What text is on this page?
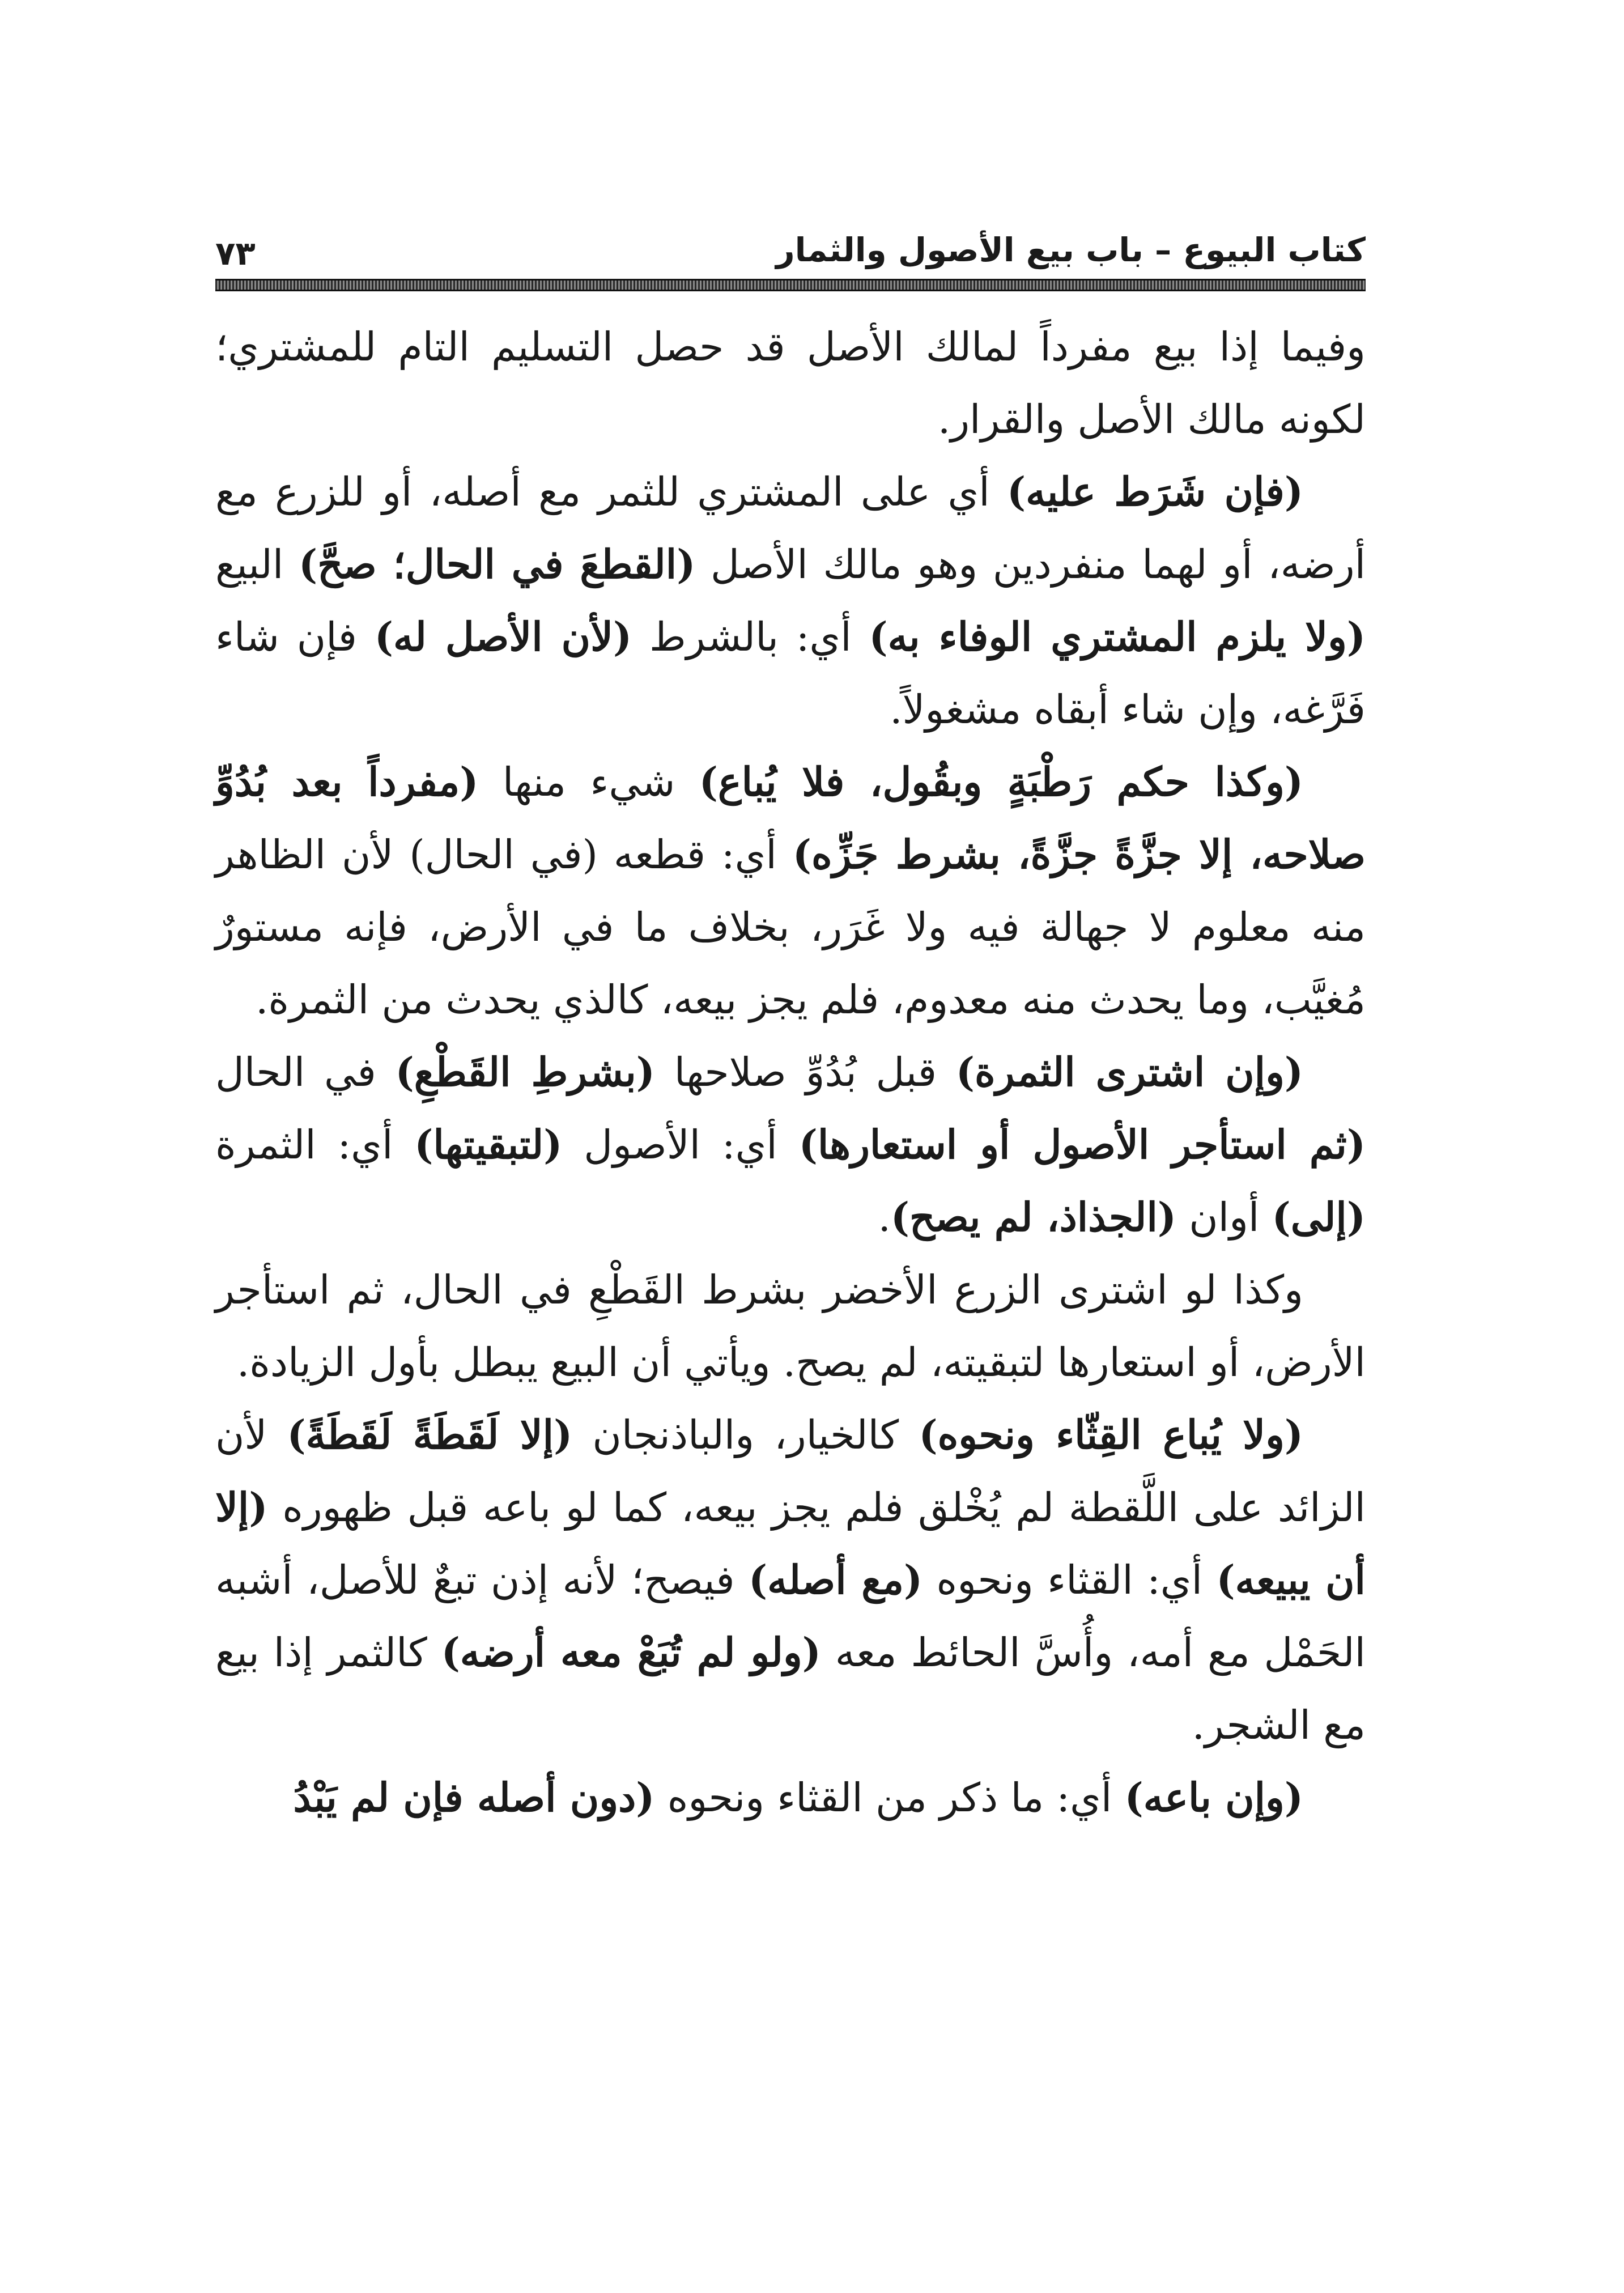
كتاب البيوع – باب بيع الأصول والثمار
٧٣

وفيما إذا بيع مفرداً لمالك الأصل قد حصل التسليم التام للمشتري؛ لكونه مالك الأصل والقرار.

(فإن شَرَط عليه) أي على المشتري للثمر مع أصله، أو للزرع مع أرضه، أو لهما منفردين وهو مالك الأصل (القطعَ في الحال؛ صحَّ) البيع (ولا يلزم المشتري الوفاء به) أي: بالشرط (لأن الأصل له) فإن شاء فَرَّغه، وإن شاء أبقاه مشغولاً.

(وكذا حكم رَطْبَةٍ وبقُول، فلا يُباع) شيء منها (مفرداً بعد بُدُوِّ صلاحه، إلا جزَّةً جزَّةً، بشرط جَزِّه) أي: قطعه (في الحال) لأن الظاهر منه معلوم لا جهالة فيه ولا غَرَر، بخلاف ما في الأرض، فإنه مستورٌ مُغيَّب، وما يحدث منه معدوم، فلم يجز بيعه، كالذي يحدث من الثمرة.

(وإن اشترى الثمرة) قبل بُدُوِّ صلاحها (بشرطِ القَطْعِ) في الحال (ثم استأجر الأصول أو استعارها) أي: الأصول (لتبقيتها) أي: الثمرة (إلى) أوان (الجذاذ، لم يصح).

وكذا لو اشترى الزرع الأخضر بشرط القَطْعِ في الحال، ثم استأجر الأرض، أو استعارها لتبقيته، لم يصح. ويأتي أن البيع يبطل بأول الزيادة.

(ولا يُباع القِثّاء ونحوه) كالخيار، والباذنجان (إلا لَقَطَةً لَقَطَةً) لأن الزائد على اللَّقطة لم يُخْلق فلم يجز بيعه، كما لو باعه قبل ظهوره (إلا أن يبيعه) أي: القثاء ونحوه (مع أصله) فيصح؛ لأنه إذن تبعٌ للأصل، أشبه الحَمْل مع أمه، وأُسَّ الحائط معه (ولو لم تُبَعْ معه أرضه) كالثمر إذا بيع مع الشجر.

(وإن باعه) أي: ما ذكر من القثاء ونحوه (دون أصله فإن لم يَبْدُ
